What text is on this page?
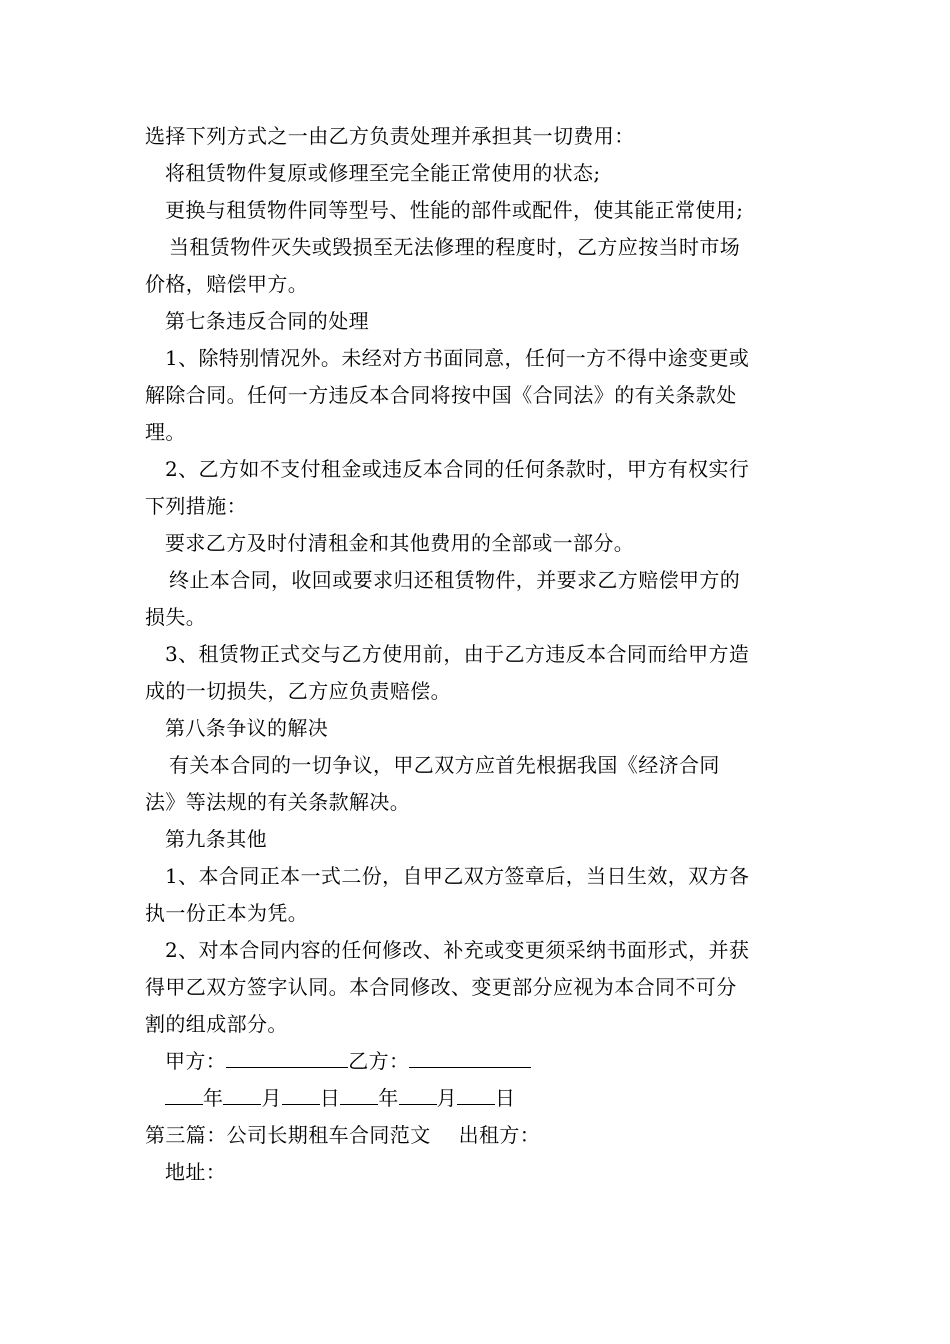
选择下列方式之一由乙方负责处理并承担其一切费用：
将租赁物件复原或修理至完全能正常使用的状态;
更换与租赁物件同等型号、性能的部件或配件，使其能正常使用;
当租赁物件灭失或毁损至无法修理的程度时，乙方应按当时市场
价格，赔偿甲方。
第七条违反合同的处理
1、除特别情况外。未经对方书面同意，任何一方不得中途变更或
解除合同。任何一方违反本合同将按中国《合同法》的有关条款处
理。
2、乙方如不支付租金或违反本合同的任何条款时，甲方有权实行
下列措施：
要求乙方及时付清租金和其他费用的全部或一部分。
终止本合同，收回或要求归还租赁物件，并要求乙方赔偿甲方的
损失。
3、租赁物正式交与乙方使用前，由于乙方违反本合同而给甲方造
成的一切损失，乙方应负责赔偿。
第八条争议的解决
有关本合同的一切争议，甲乙双方应首先根据我国《经济合同
法》等法规的有关条款解决。
第九条其他
1、本合同正本一式二份，自甲乙双方签章后，当日生效，双方各
执一份正本为凭。
2、对本合同内容的任何修改、补充或变更须采纳书面形式，并获
得甲乙双方签字认同。本合同修改、变更部分应视为本合同不可分
割的组成部分。
甲方：	乙方：
年 月 日 年 月 日
第三篇：公司长期租车合同范文 出租方：
地址：
